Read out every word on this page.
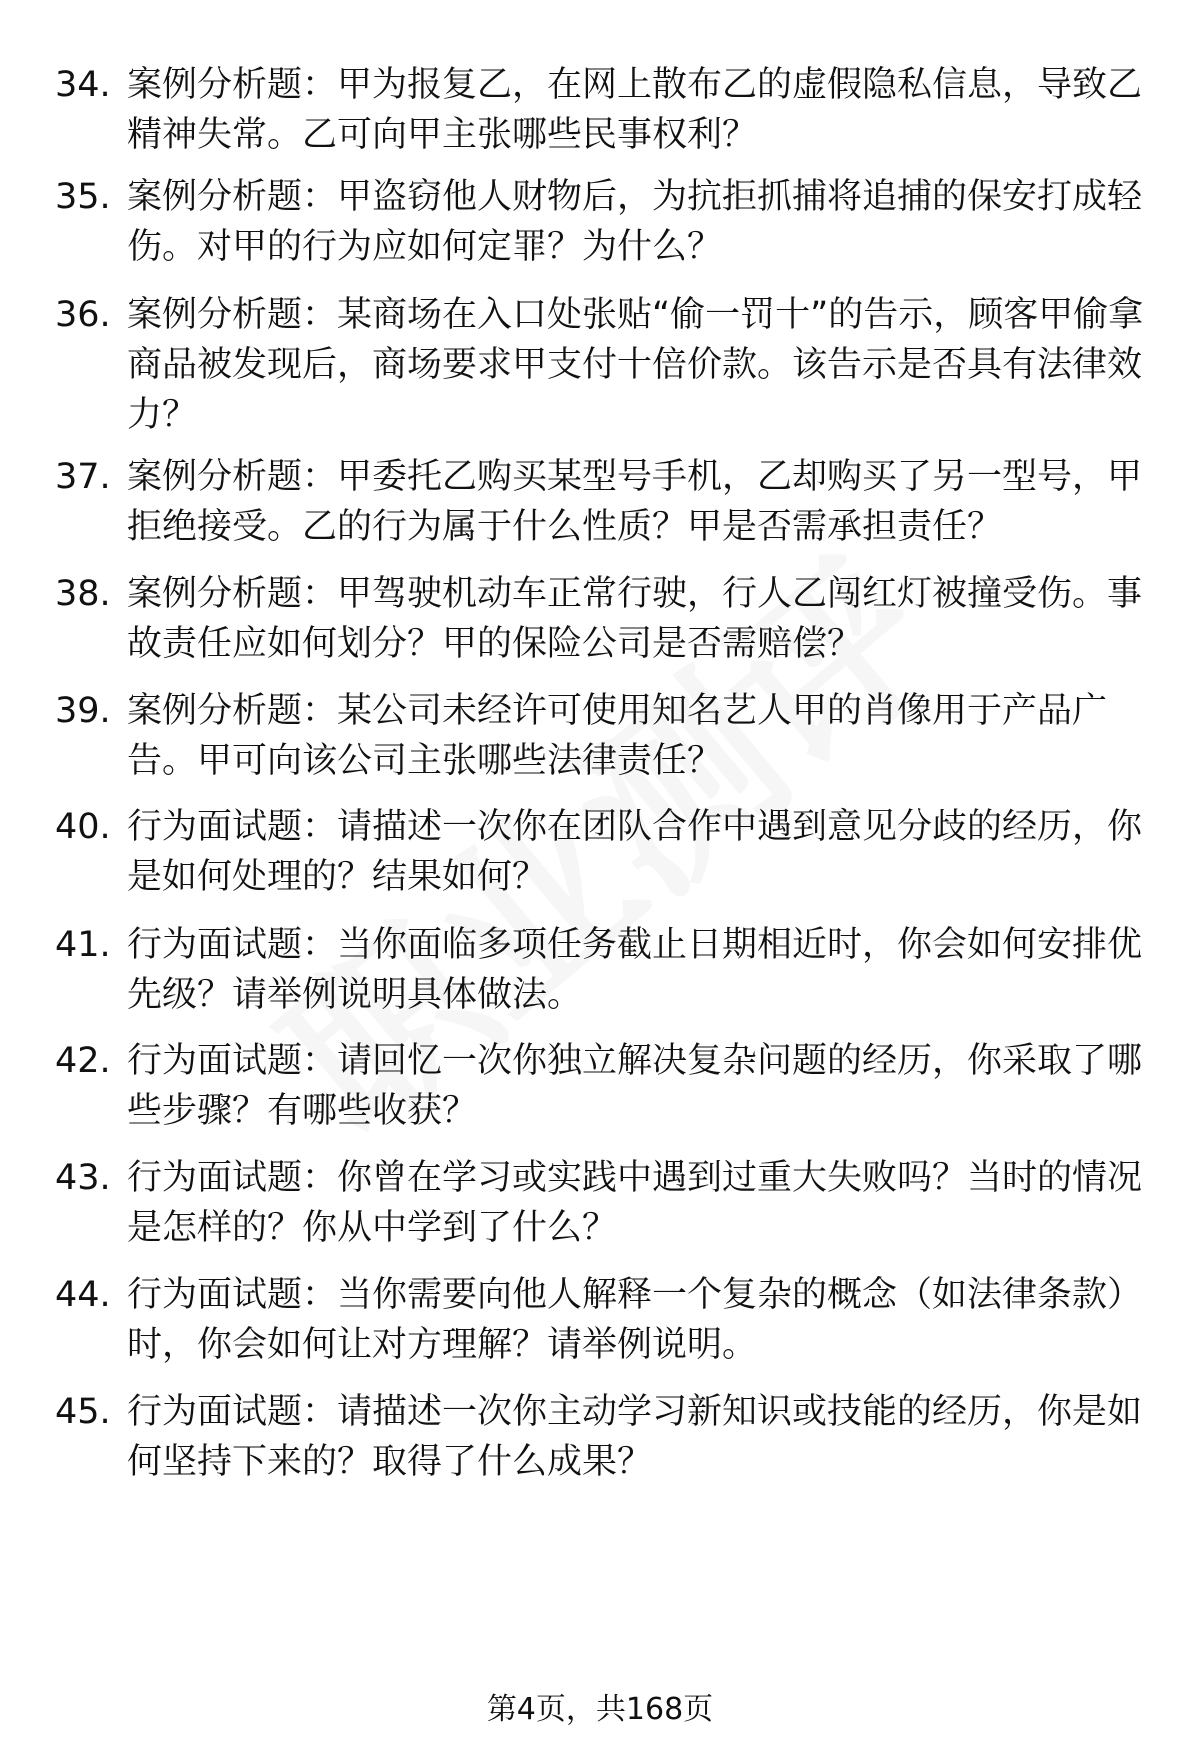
34. 案例分析题：甲为报复乙，在网上散布乙的虚假隐私信息，导致乙精神失常。乙可向甲主张哪些民事权利？
35. 案例分析题：甲盗窃他人财物后，为抗拒抓捕将追捕的保安打成轻伤。对甲的行为应如何定罪？为什么？
36. 案例分析题：某商场在入口处张贴“偷一罚十”的告示，顾客甲偷拿商品被发现后，商场要求甲支付十倍价款。该告示是否具有法律效力？
37. 案例分析题：甲委托乙购买某型号手机，乙却购买了另一型号，甲拒绝接受。乙的行为属于什么性质？甲是否需承担责任？
38. 案例分析题：甲驾驶机动车正常行驶，行人乙闯红灯被撞受伤。事故责任应如何划分？甲的保险公司是否需赔偿？
39. 案例分析题：某公司未经许可使用知名艺人甲的肖像用于产品广告。甲可向该公司主张哪些法律责任？
40. 行为面试题：请描述一次你在团队合作中遇到意见分歧的经历，你是如何处理的？结果如何？
41. 行为面试题：当你面临多项任务截止日期相近时，你会如何安排优先级？请举例说明具体做法。
42. 行为面试题：请回忆一次你独立解决复杂问题的经历，你采取了哪些步骤？有哪些收获？
43. 行为面试题：你曾在学习或实践中遇到过重大失败吗？当时的情况是怎样的？你从中学到了什么？
44. 行为面试题：当你需要向他人解释一个复杂的概念（如法律条款）时，你会如何让对方理解？请举例说明。
45. 行为面试题：请描述一次你主动学习新知识或技能的经历，你是如何坚持下来的？取得了什么成果？
第4页，共168页
